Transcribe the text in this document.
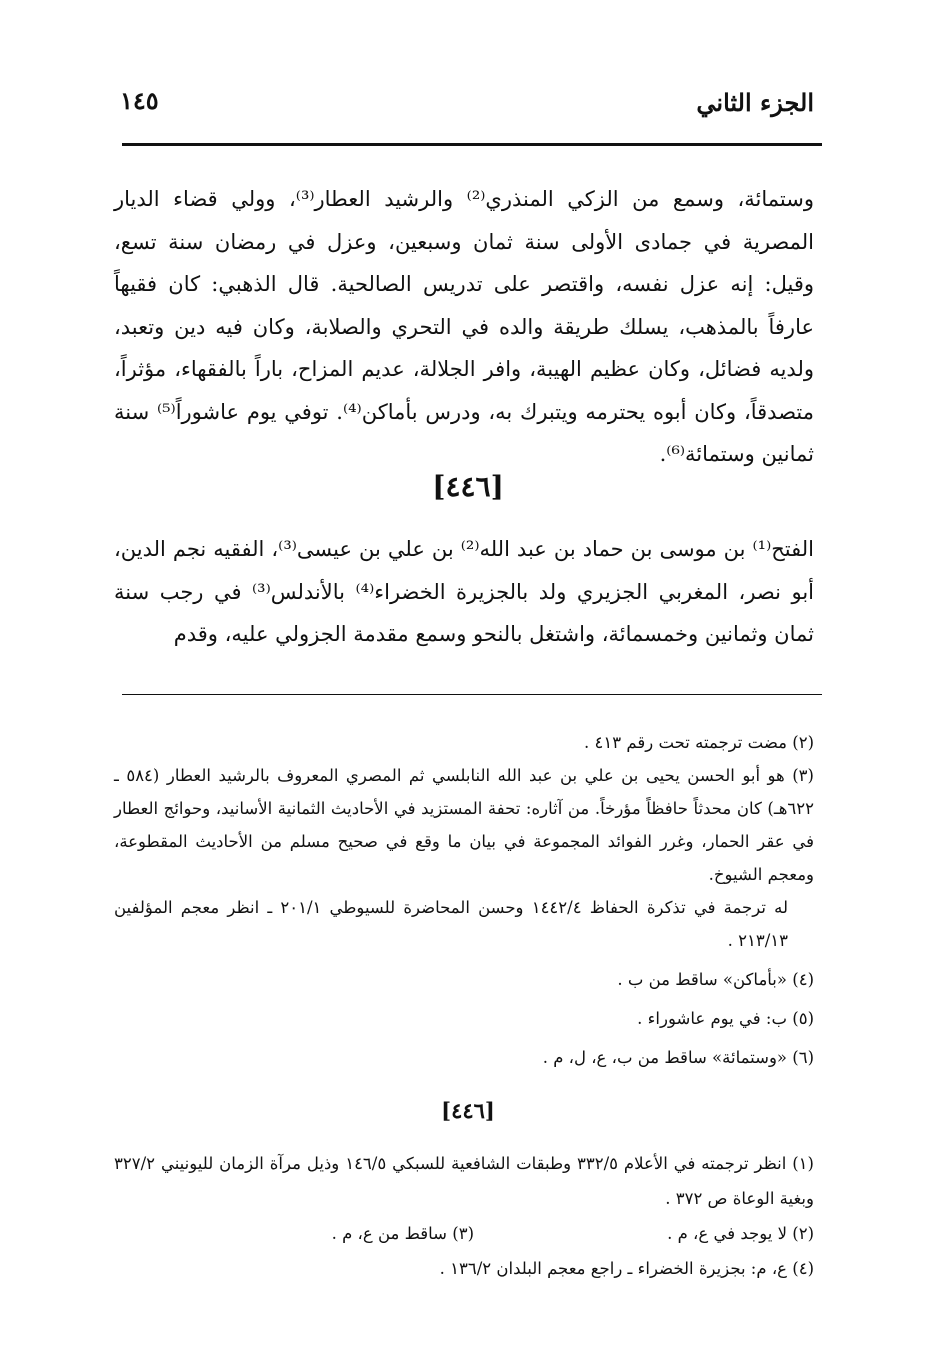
الجزء الثاني
١٤٥

وستمائة، وسمع من الزكي المنذري⁽²⁾ والرشيد العطار⁽³⁾، وولي قضاء الديار المصرية في جمادى الأولى سنة ثمان وسبعين، وعزل في رمضان سنة تسع، وقيل: إنه عزل نفسه، واقتصر على تدريس الصالحية. قال الذهبي: كان فقيهاً عارفاً بالمذهب، يسلك طريقة والده في التحري والصلابة، وكان فيه دين وتعبد، ولديه فضائل، وكان عظيم الهيبة، وافر الجلالة، عديم المزاح، باراً بالفقهاء، مؤثراً، متصدقاً، وكان أبوه يحترمه ويتبرك به، ودرس بأماكن⁽⁴⁾. توفي يوم عاشوراً⁽⁵⁾ سنة ثمانين وستمائة⁽⁶⁾.

[٤٤٦]

الفتح⁽¹⁾ بن موسى بن حماد بن عبد الله⁽²⁾ بن علي بن عيسى⁽³⁾، الفقيه نجم الدين، أبو نصر، المغربي الجزيري ولد بالجزيرة الخضراء⁽⁴⁾ بالأندلس⁽³⁾ في رجب سنة ثمان وثمانين وخمسمائة، واشتغل بالنحو وسمع مقدمة الجزولي عليه، وقدم

(٢) مضت ترجمته تحت رقم ٤١٣ .

(٣) هو أبو الحسن يحيى بن علي بن عبد الله النابلسي ثم المصري المعروف بالرشيد العطار (٥٨٤ ـ ٦٢٢هـ) كان محدثاً حافظاً مؤرخاً. من آثاره: تحفة المستزيد في الأحاديث الثمانية الأسانيد، وحوائج العطار في عقر الحمار، وغرر الفوائد المجموعة في بيان ما وقع في صحيح مسلم من الأحاديث المقطوعة، ومعجم الشيوخ.

له ترجمة في تذكرة الحفاظ ١٤٤٢/٤ وحسن المحاضرة للسيوطي ٢٠١/١ ـ انظر معجم المؤلفين ٢١٣/١٣ .

(٤) «بأماكن» ساقط من ب .

(٥) ب: في يوم عاشوراء .

(٦) «وستمائة» ساقط من ب، ع، ل، م .

[٤٤٦]

(١) انظر ترجمته في الأعلام ٣٣٢/٥ وطبقات الشافعية للسبكي ١٤٦/٥ وذيل مرآة الزمان لليونيني ٣٢٧/٢ وبغية الوعاة ص ٣٧٢ .

(٢) لا يوجد في ع، م .
(٣) ساقط من ع، م .

(٤) ع، م: بجزيرة الخضراء ـ راجع معجم البلدان ١٣٦/٢ .
